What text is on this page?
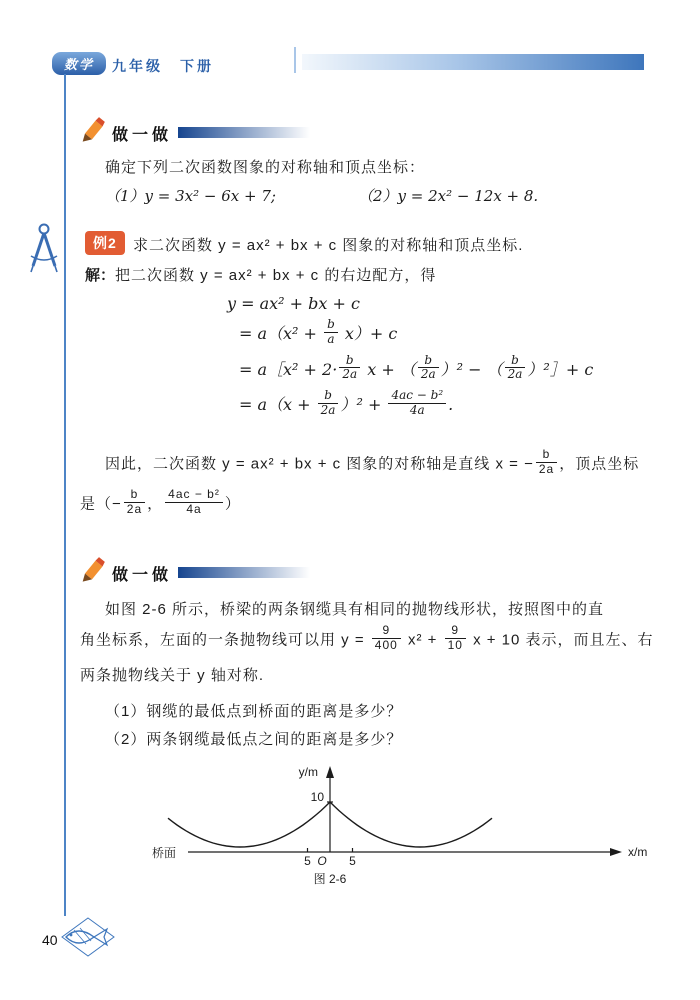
数学	九年级　下册
做一做
确定下列二次函数图象的对称轴和顶点坐标：
（1）y = 3x² − 6x + 7;	（2）y = 2x² − 12x + 8.
例2	求二次函数 y = ax² + bx + c 图象的对称轴和顶点坐标.
解：把二次函数 y = ax² + bx + c 的右边配方，得
y = ax² + bx + c
= $a(x^2 + \frac{b}{a} x)+ c$
= a［x² + $2\cdot \frac{b}{2a}$ x + （ $\frac{b}{2a} )^2$ − （ $\frac{b}{2a}$ ）²］+ c
= $a(x + \frac{b}{2a} )^2 + \frac{\text{4ac − b²}}{4a}$ .
因此，二次函数 y = ax² + bx + c 图象的对称轴是直线 x = − $\frac{b}{2a}$ ，顶点坐标
是（− $\frac{b}{2a}$ ， $\frac{\text{4ac − b²}}{4a}$ ）
做一做
如图 2-6 所示，桥梁的两条钢缆具有相同的抛物线形状，按照图中的直
角坐标系，左面的一条抛物线可以用 $y = \frac{9}{400} x^2 + \frac{9}{10}$ x + 10 表示，而且左、右
两条抛物线关于 y 轴对称.
（1）钢缆的最低点到桥面的距离是多少？
（2）两条钢缆最低点之间的距离是多少？
y/m
x/m
10
5 O 5
桥面
图 2-6
40
